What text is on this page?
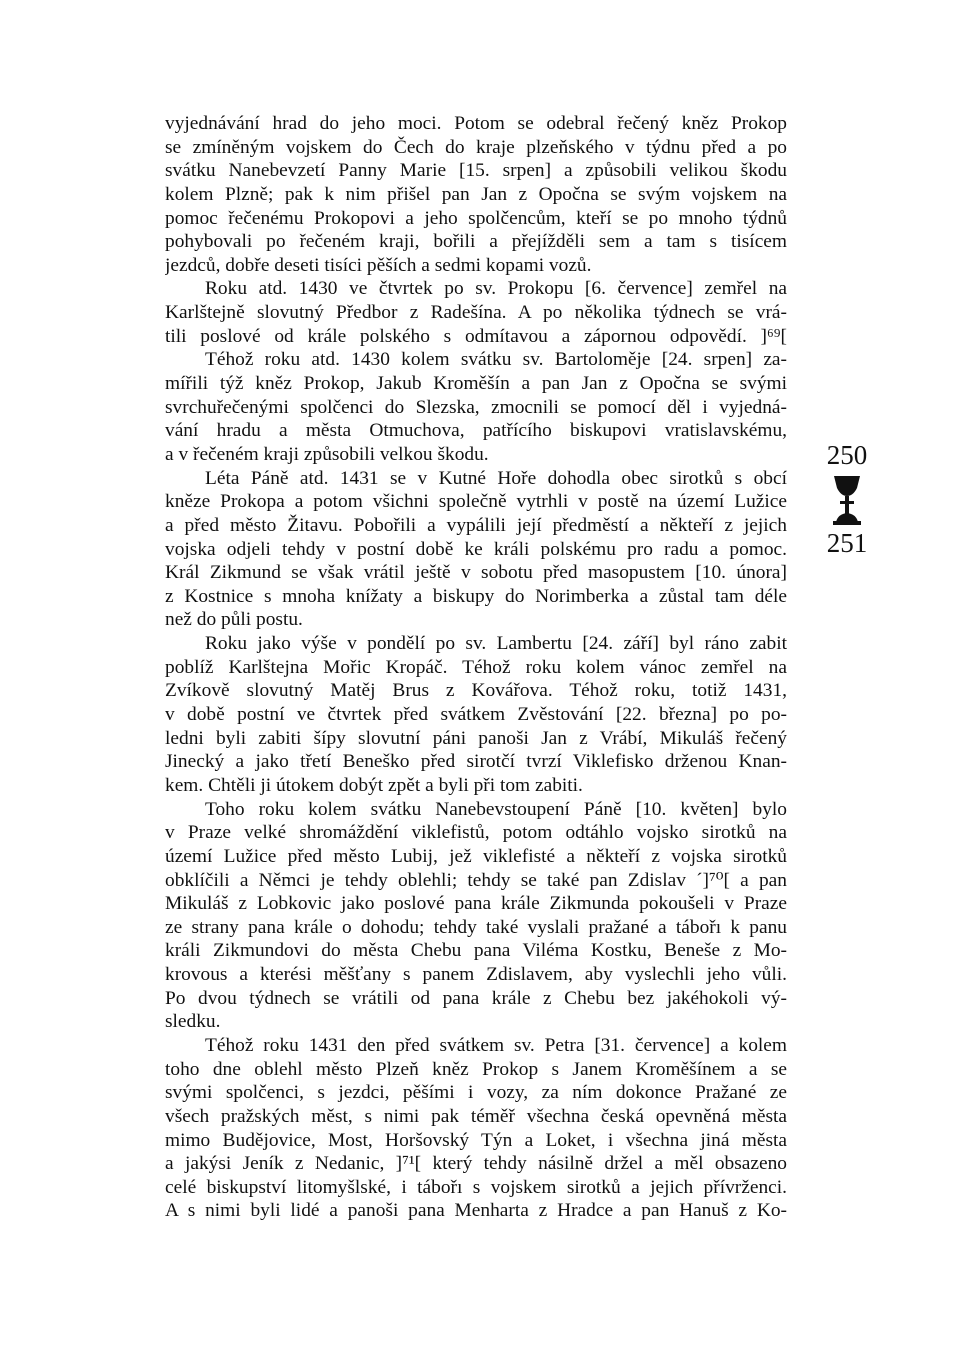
vyjednávání hrad do jeho moci. Potom se odebral řečený kněz Prokop
se zmíněným vojskem do Čech do kraje plzeňského v týdnu před a po
svátku Nanebevzetí Panny Marie [15. srpen] a způsobili velikou škodu
kolem Plzně; pak k nim přišel pan Jan z Opočna se svým vojskem na
pomoc řečenému Prokopovi a jeho spolčencům, kteří se po mnoho týdnů
pohybovali po řečeném kraji, bořili a přejížděli sem a tam s tisícem
jezdců, dobře deseti tisíci pěších a sedmi kopami vozů.
Roku atd. 1430 ve čtvrtek po sv. Prokopu [6. července] zemřel na
Karlštejně slovutný Předbor z Radešína. A po několika týdnech se vrá-
tili poslové od krále polského s odmítavou a zápornou odpovědí. ]⁶⁹[
Téhož roku atd. 1430 kolem svátku sv. Bartoloměje [24. srpen] za-
mířili týž kněz Prokop, Jakub Kroměšín a pan Jan z Opočna se svými
svrchuřečenými spolčenci do Slezska, zmocnili se pomocí děl i vyjedná-
vání hradu a města Otmuchova, patřícího biskupovi vratislavskému,
a v řečeném kraji způsobili velkou škodu.
Léta Páně atd. 1431 se v Kutné Hoře dohodla obec sirotků s obcí
kněze Prokopa a potom všichni společně vytrhli v postě na území Lužice
a před město Žitavu. Pobořili a vypálili její předměstí a někteří z jejich
vojska odjeli tehdy v postní době ke králi polskému pro radu a pomoc.
Král Zikmund se však vrátil ještě v sobotu před masopustem [10. února]
z Kostnice s mnoha knížaty a biskupy do Norimberka a zůstal tam déle
než do půli postu.
Roku jako výše v pondělí po sv. Lambertu [24. září] byl ráno zabit
poblíž Karlštejna Mořic Kropáč. Téhož roku kolem vánoc zemřel na
Zvíkově slovutný Matěj Brus z Kovářova. Téhož roku, totiž 1431,
v době postní ve čtvrtek před svátkem Zvěstování [22. března] po po-
ledni byli zabiti šípy slovutní páni panoši Jan z Vrábí, Mikuláš řečený
Jinecký a jako třetí Beneško před sirotčí tvrzí Viklefisko drženou Knan-
kem. Chtěli ji útokem dobýt zpět a byli při tom zabiti.
Toho roku kolem svátku Nanebevstoupení Páně [10. květen] bylo
v Praze velké shromáždění viklefistů, potom odtáhlo vojsko sirotků na
území Lužice před město Lubij, jež viklefisté a někteří z vojska sirotků
obklíčili a Němci je tehdy oblehli; tehdy se také pan Zdislav ´]⁷⁰[ a pan
Mikuláš z Lobkovic jako poslové pana krále Zikmunda pokoušeli v Praze
ze strany pana krále o dohodu; tehdy také vyslali pražané a tábořı k panu
králi Zikmundovi do města Chebu pana Viléma Kostku, Beneše z Mo-
krovous a kterési měšťany s panem Zdislavem, aby vyslechli jeho vůli.
Po dvou týdnech se vrátili od pana krále z Chebu bez jakéhokoli vý-
sledku.
Téhož roku 1431 den před svátkem sv. Petra [31. července] a kolem
toho dne oblehl město Plzeň kněz Prokop s Janem Kroměšínem a se
svými spolčenci, s jezdci, pěšími i vozy, za ním dokonce Pražané ze
všech pražských měst, s nimi pak téměř všechna česká opevněná města
mimo Budějovice, Most, Horšovský Týn a Loket, i všechna jiná města
a jakýsi Jeník z Nedanic, ]⁷¹[ který tehdy násilně držel a měl obsazeno
celé biskupství litomyšlské, i tábořı s vojskem sirotků a jejich přívrženci.
A s nimi byli lidé a panoši pana Menharta z Hradce a pan Hanuš z Ko-
250
251
